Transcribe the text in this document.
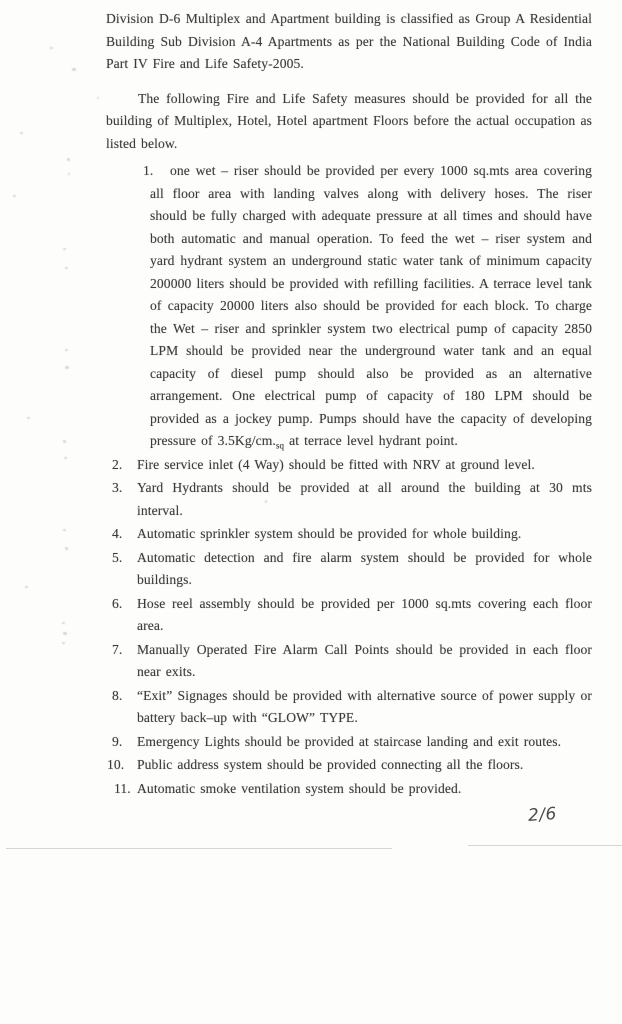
Division D-6 Multiplex and Apartment building is classified as Group A Residential Building Sub Division A-4 Apartments as per the National Building Code of India Part IV Fire and Life Safety-2005.

The following Fire and Life Safety measures should be provided for all the building of Multiplex, Hotel, Hotel apartment Floors before the actual occupation as listed below.

1. one wet – riser should be provided per every 1000 sq.mts area covering all floor area with landing valves along with delivery hoses. The riser should be fully charged with adequate pressure at all times and should have both automatic and manual operation. To feed the wet – riser system and yard hydrant system an underground static water tank of minimum capacity 200000 liters should be provided with refilling facilities. A terrace level tank of capacity 20000 liters also should be provided for each block. To charge the Wet – riser and sprinkler system two electrical pump of capacity 2850 LPM should be provided near the underground water tank and an equal capacity of diesel pump should also be provided as an alternative arrangement. One electrical pump of capacity of 180 LPM should be provided as a jockey pump. Pumps should have the capacity of developing pressure of $3.5Kg/cm._{sq}$ at terrace level hydrant point.
2. Fire service inlet (4 Way) should be fitted with NRV at ground level.
3. Yard Hydrants should be provided at all around the building at 30 mts interval.
4. Automatic sprinkler system should be provided for whole building.
5. Automatic detection and fire alarm system should be provided for whole buildings.
6. Hose reel assembly should be provided per 1000 sq.mts covering each floor area.
7. Manually Operated Fire Alarm Call Points should be provided in each floor near exits.
8. “Exit” Signages should be provided with alternative source of power supply or battery back–up with “GLOW” TYPE.
9. Emergency Lights should be provided at staircase landing and exit routes.
10. Public address system should be provided connecting all the floors.
11. Automatic smoke ventilation system should be provided.
2/6
